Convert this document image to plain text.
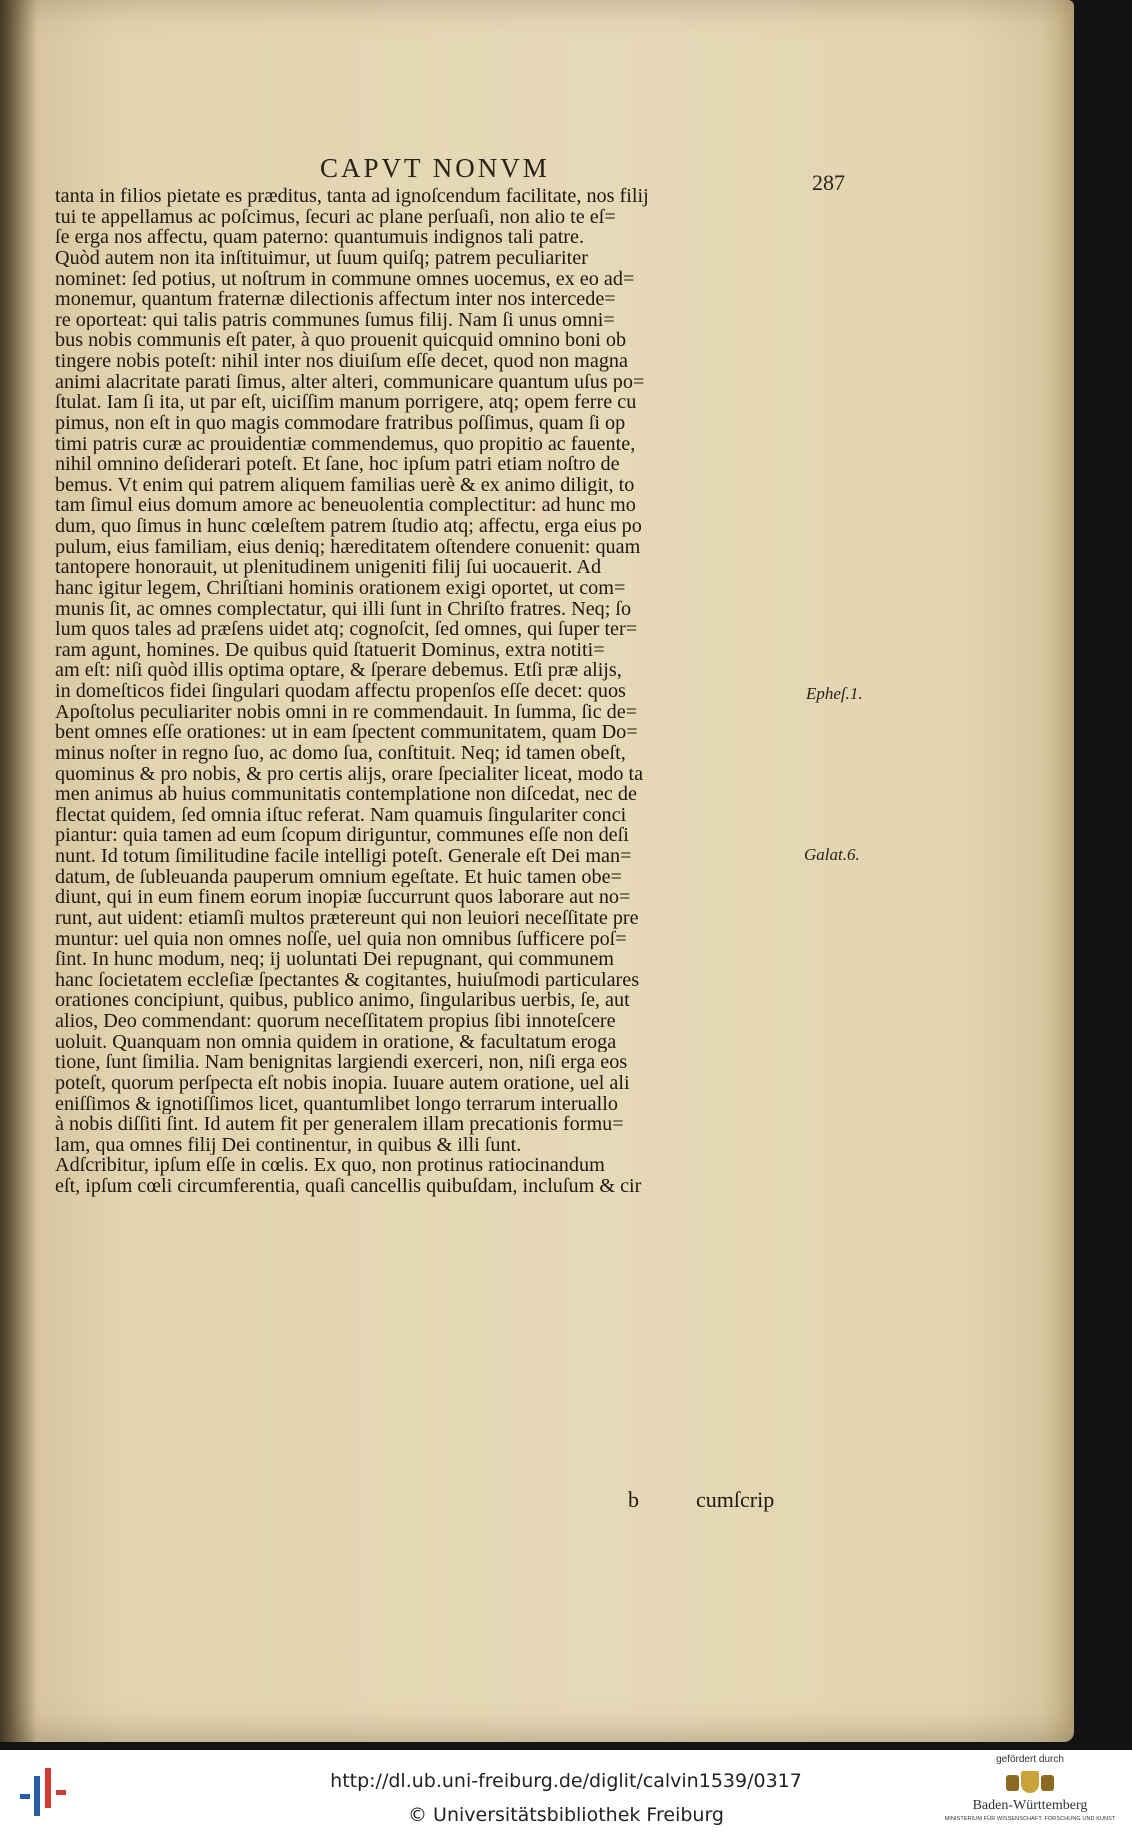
CAPVT NONVM	287
tanta in filios pietate es præditus, tanta ad ignoſcendum facilitate, nos filij
tui te appellamus ac poſcimus, ſecuri ac plane perſuaſi, non alio te eſ=
ſe erga nos affectu, quam paterno: quantumuis indignos tali patre.
Quòd autem non ita inſtituimur, ut ſuum quiſq; patrem peculiariter
nominet: ſed potius, ut noſtrum in commune omnes uocemus, ex eo ad=
monemur, quantum fraternæ dilectionis affectum inter nos intercede=
re oporteat: qui talis patris communes ſumus filij. Nam ſi unus omni=
bus nobis communis eſt pater, à quo prouenit quicquid omnino boni ob
tingere nobis poteſt: nihil inter nos diuiſum eſſe decet, quod non magna
animi alacritate parati ſimus, alter alteri, communicare quantum uſus po=
ſtulat. Iam ſi ita, ut par eſt, uiciſſim manum porrigere, atq; opem ferre cu
pimus, non eſt in quo magis commodare fratribus poſſimus, quam ſi op
timi patris curæ ac prouidentiæ commendemus, quo propitio ac fauente,
nihil omnino deſiderari poteſt. Et ſane, hoc ipſum patri etiam noſtro de
bemus. Vt enim qui patrem aliquem familias uerè & ex animo diligit, to
tam ſimul eius domum amore ac beneuolentia complectitur: ad hunc mo
dum, quo ſimus in hunc cœleſtem patrem ſtudio atq; affectu, erga eius po
pulum, eius familiam, eius deniq; hæreditatem oſtendere conuenit: quam
tantopere honorauit, ut plenitudinem unigeniti filij ſui uocauerit. Ad
hanc igitur legem, Chriſtiani hominis orationem exigi oportet, ut com=
munis ſit, ac omnes complectatur, qui illi ſunt in Chriſto fratres. Neq; ſo
lum quos tales ad præſens uidet atq; cognoſcit, ſed omnes, qui ſuper ter=
ram agunt, homines. De quibus quid ſtatuerit Dominus, extra notiti=
am eſt: niſi quòd illis optima optare, & ſperare debemus. Etſi præ alijs,
in domeſticos fidei ſingulari quodam affectu propenſos eſſe decet: quos
Apoſtolus peculiariter nobis omni in re commendauit. In ſumma, ſic de=
bent omnes eſſe orationes: ut in eam ſpectent communitatem, quam Do=
minus noſter in regno ſuo, ac domo ſua, conſtituit. Neq; id tamen obeſt,
quominus & pro nobis, & pro certis alijs, orare ſpecialiter liceat, modo ta
men animus ab huius communitatis contemplatione non diſcedat, nec de
flectat quidem, ſed omnia iſtuc referat. Nam quamuis ſingulariter conci
piantur: quia tamen ad eum ſcopum diriguntur, communes eſſe non deſi
nunt. Id totum ſimilitudine facile intelligi poteſt. Generale eſt Dei man=
datum, de ſubleuanda pauperum omnium egeſtate. Et huic tamen obe=
diunt, qui in eum finem eorum inopiæ ſuccurrunt quos laborare aut no=
runt, aut uident: etiamſi multos prætereunt qui non leuiori neceſſitate pre
muntur: uel quia non omnes noſſe, uel quia non omnibus ſufficere poſ=
ſint. In hunc modum, neq; ij uoluntati Dei repugnant, qui communem
hanc ſocietatem eccleſiæ ſpectantes & cogitantes, huiuſmodi particulares
orationes concipiunt, quibus, publico animo, ſingularibus uerbis, ſe, aut
alios, Deo commendant: quorum neceſſitatem propius ſibi innoteſcere
uoluit. Quanquam non omnia quidem in oratione, & facultatum eroga
tione, ſunt ſimilia. Nam benignitas largiendi exerceri, non, niſi erga eos
poteſt, quorum perſpecta eſt nobis inopia. Iuuare autem oratione, uel ali
eniſſimos & ignotiſſimos licet, quantumlibet longo terrarum interuallo
à nobis diſſiti ſint. Id autem fit per generalem illam precationis formu=
lam, qua omnes filij Dei continentur, in quibus & illi ſunt.
Adſcribitur, ipſum eſſe in cœlis. Ex quo, non protinus ratiocinandum
eſt, ipſum cœli circumferentia, quaſi cancellis quibuſdam, incluſum & cir
Epheſ.1.
Galat.6.
b	cumſcrip
http://dl.ub.uni-freiburg.de/diglit/calvin1539/0317
© Universitätsbibliothek Freiburg
gefördert durch
Baden-Württemberg
MINISTERIUM FÜR WISSENSCHAFT, FORSCHUNG UND KUNST
